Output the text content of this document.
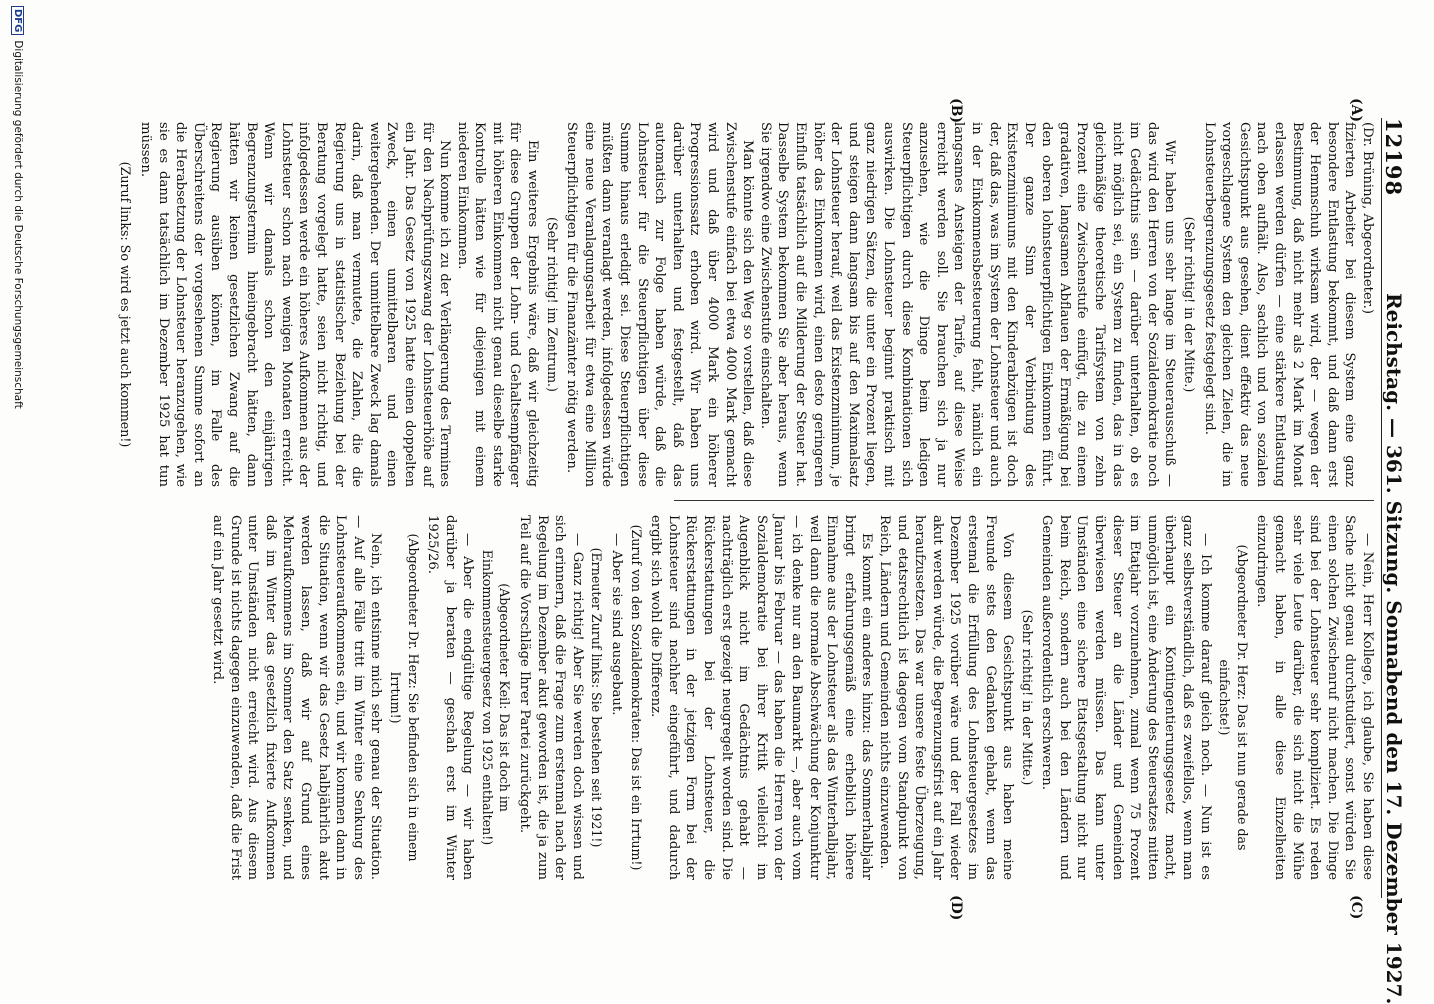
12198
Reichstag. — 361. Sitzung. Sonnabend den 17. Dezember 1927.
(A)
(B)
(C)
(D)

(Dr. Brüning, Abgeordneter.)

fizierten Arbeiter bei diesem System eine ganz besondere Entlastung bekommt, und daß dann erst der Hemmschuh wirksam wird, der — wegen der Bestimmung, daß nicht mehr als 2 Mark im Monat erlassen werden dürfen — eine stärkere Entlastung nach oben aufhält. Also, sachlich und von sozialen Gesichtspunkt aus gesehen, dient effektiv das neue vorgeschlagene System den gleichen Zielen, die im Lohnsteuerbegrenzungsgesetz festgelegt sind.

(Sehr richtig! in der Mitte.)

Wir haben uns sehr lange im Steuerausschuß — das wird den Herren von der Sozialdemokratie noch im Gedächtnis sein — darüber unterhalten, ob es nicht möglich sei, ein System zu finden, das in das gleichmäßige theoretische Tarifsystem von zehn Prozent eine Zwischenstufe einfügt, die zu einem gradativen, langsamen Abflauen der Ermäßigung bei den oberen lohnsteuerpflichtigen Einkommen führt. Der ganze Sinn der Verbindung des Existenzminimums mit den Kinderabzügen ist doch der, daß das, was im System der Lohnsteuer und auch in der Einkommensbesteuerung fehlt, nämlich ein langsames Ansteigen der Tarife, auf diese Weise erreicht werden soll. Sie brauchen sich ja nur anzusehen, wie die Dinge beim ledigen Steuerpflichtigen durch diese Kombinationen sich auswirken. Die Lohnsteuer beginnt praktisch mit ganz niedrigen Sätzen, die unter ein Prozent liegen, und steigen dann langsam bis auf den Maximalsatz der Lohnsteuer herauf, weil das Existenzminimum, je höher das Einkommen wird, einen desto geringeren Einfluß tatsächlich auf die Milderung der Steuer hat. Dasselbe System bekommen Sie aber heraus, wenn Sie irgendwo eine Zwischenstufe einschalten.

Man könnte sich den Weg so vorstellen, daß diese Zwischenstufe einfach bei etwa 4000 Mark gemacht wird und daß über 4000 Mark ein höherer Progressionssatz erhoben wird. Wir haben uns darüber unterhalten und festgestellt, daß das automatisch zur Folge haben würde, daß die Lohnsteuer für die Steuerpflichtigen über diese Summe hinaus erledigt sei. Diese Steuerpflichtigen müßten dann veranlagt werden, infolgedessen würde eine neue Veranlagungsarbeit für etwa eine Million Steuerpflichtigen für die Finanzämter nötig werden.

(Sehr richtig! im Zentrum.)

Ein weiteres Ergebnis wäre, daß wir gleichzeitig für diese Gruppen der Lohn- und Gehaltsempfänger mit höheren Einkommen nicht genau dieselbe starke Kontrolle hätten wie für diejenigen mit einem niederen Einkommen.

Nun komme ich zu der Verlängerung des Termines für den Nachprüfungszwang der Lohnsteuerhöhe auf ein Jahr. Das Gesetz von 1925 hatte einen doppelten Zweck, einen unmittelbaren und einen weitergehenden. Der unmittelbare Zweck lag damals darin, daß man vermutete, die Zahlen, die die Regierung uns in statistischer Beziehung bei der Beratung vorgelegt hatte, seien nicht richtig, und infolgedessen werde ein höheres Aufkommen aus der Lohnsteuer schon nach wenigen Monaten erreicht. Wenn wir damals schon den einjährigen Begrenzungstermin hineingebracht hätten, dann hätten wir keinen gesetzlichen Zwang auf die Regierung ausüben können, im Falle des Überschreitens der vorgesehenen Summe sofort an die Herabsetzung der Lohnsteuer heranzugehen, wie sie es dann tatsächlich im Dezember 1925 hat tun müssen.

(Zuruf links: So wird es jetzt auch kommen!)

— Nein, Herr Kollege, ich glaube, Sie haben diese Sache nicht genau durchstudiert, sonst würden Sie einen solchen Zwischenruf nicht machen. Die Dinge sind bei der Lohnsteuer sehr kompliziert. Es reden sehr viele Leute darüber, die sich nicht die Mühe gemacht haben, in alle diese Einzelheiten einzudringen.

(Abgeordneter Dr. Herz: Das ist nun gerade das einfachste!)

— Ich komme darauf gleich noch. — Nun ist es ganz selbstverständlich, daß es zweifellos, wenn man überhaupt ein Kontingentierungsgesetz macht, unmöglich ist, eine Änderung des Steuersatzes mitten im Etatjahr vorzunehmen, zumal wenn 75 Prozent dieser Steuer an die Länder und Gemeinden überwiesen werden müssen. Das kann unter Umständen eine sichere Etatsgestaltung nicht nur beim Reich, sondern auch bei den Ländern und Gemeinden außerordentlich erschweren.

(Sehr richtig! in der Mitte.)

Von diesem Gesichtspunkt aus haben meine Freunde stets den Gedanken gehabt, wenn das erstemal die Erfüllung des Lohnsteuergesetzes im Dezember 1925 vorüber wäre und der Fall wieder akut werden würde, die Begrenzungsfrist auf ein Jahr heraufzusetzen. Das war unsere feste Überzeugung, und etatsrechtlich ist dagegen vom Standpunkt von Reich, Ländern und Gemeinden nichts einzuwenden.

Es kommt ein anderes hinzu: das Sommerhalbjahr bringt erfahrungsgemäß eine erheblich höhere Einnahme aus der Lohnsteuer als das Winterhalbjahr, weil dann die normale Abschwächung der Konjunktur — ich denke nur an den Baumarkt —, aber auch vom Januar bis Februar — das haben die Herren von der Sozialdemokratie bei ihrer Kritik vielleicht im Augenblick nicht im Gedächtnis gehabt — nachträglich erst gezeigt neugregelt worden sind. Die Rückerstattungen bei der Lohnsteuer, die Rückerstattungen in der jetzigen Form bei der Lohnsteuer sind nachher eingeführt, und dadurch ergibt sich wohl die Differenz.

(Zuruf von den Sozialdemokraten: Das ist ein Irrtum!)

— Aber sie sind ausgebaut.

(Erneuter Zuruf links: Sie bestehen seit 1921!)

— Ganz richtig! Aber Sie werden doch wissen und sich erinnern, daß die Frage zum erstenmal nach der Regelung im Dezember akut geworden ist, die ja zum Teil auf die Vorschläge Ihrer Partei zurückgeht.

(Abgeordneter Keil: Das ist doch im Einkommensteuergesetz von 1925 enthalten!)

— Aber die endgültige Regelung — wir haben darüber ja beraten — geschah erst im Winter 1925/26.

(Abgeordneter Dr. Herz: Sie befinden sich in einem Irrtum!)

Nein, ich entsinne mich sehr genau der Situation. — Auf alle Fälle tritt im Winter eine Senkung des Lohnsteueraufkommens ein, und wir kommen dann in die Situation, wenn wir das Gesetz halbjährlich akut werden lassen, daß wir auf Grund eines Mehraufkommens im Sommer den Satz senken, und daß im Winter das gesetzlich fixierte Aufkommen unter Umständen nicht erreicht wird. Aus diesem Grunde ist nichts dagegen einzuwenden, daß die Frist auf ein Jahr gesetzt wird.

DFGDigitalisierung gefördert durch die Deutsche Forschungsgemeinschaft
